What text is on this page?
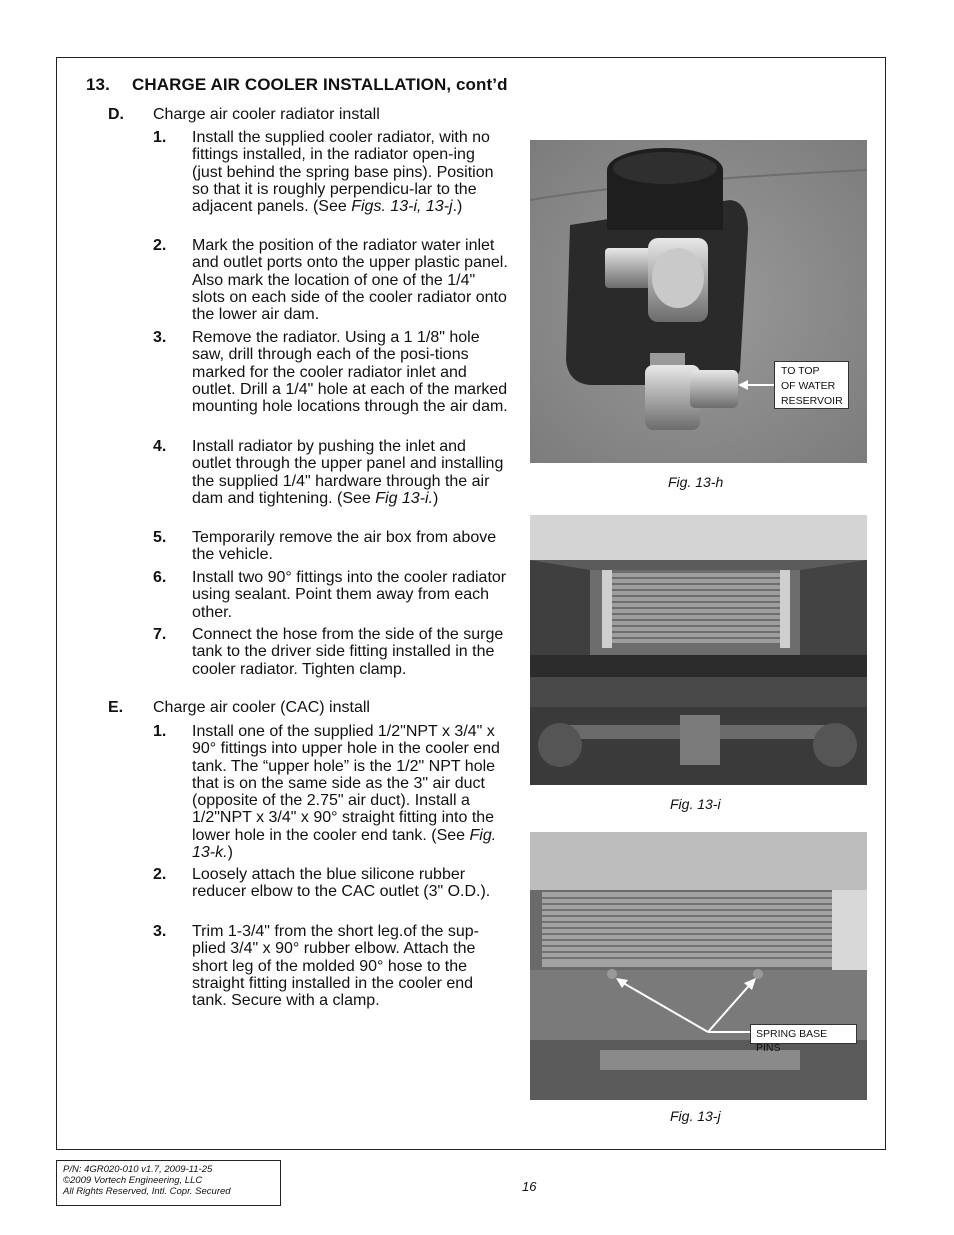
13. CHARGE AIR COOLER INSTALLATION, cont’d
D. Charge air cooler radiator install
1. Install the supplied cooler radiator, with no fittings installed, in the radiator open-ing (just behind the spring base pins). Position so that it is roughly perpendicu-lar to the adjacent panels. (See Figs. 13-i, 13-j.)
2. Mark the position of the radiator water inlet and outlet ports onto the upper plastic panel. Also mark the location of one of the 1/4" slots on each side of the cooler radiator onto the lower air dam.
3. Remove the radiator. Using a 1 1/8" hole saw, drill through each of the posi-tions marked for the cooler radiator inlet and outlet. Drill a 1/4" hole at each of the marked mounting hole locations through the air dam.
4. Install radiator by pushing the inlet and outlet through the upper panel and installing the supplied 1/4" hardware through the air dam and tightening. (See Fig 13-i.)
5. Temporarily remove the air box from above the vehicle.
6. Install two 90° fittings into the cooler radiator using sealant. Point them away from each other.
7. Connect the hose from the side of the surge tank to the driver side fitting installed in the cooler radiator. Tighten clamp.
E. Charge air cooler (CAC) install
1. Install one of the supplied 1/2"NPT x 3/4" x 90° fittings into upper hole in the cooler end tank. The “upper hole” is the 1/2" NPT hole that is on the same side as the 3" air duct (opposite of the 2.75" air duct). Install a 1/2"NPT x 3/4" x 90° straight fitting into the lower hole in the cooler end tank. (See Fig. 13-k.)
2. Loosely attach the blue silicone rubber reducer elbow to the CAC outlet (3" O.D.).
3. Trim 1-3/4" from the short leg.of the sup-plied 3/4" x 90° rubber elbow. Attach the short leg of the molded 90° hose to the straight fitting installed in the cooler end tank. Secure with a clamp.
TO TOP
OF WATER
RESERVOIR
Fig. 13-h
Fig. 13-i
SPRING BASE PINS
Fig. 13-j
P/N: 4GR020-010 v1.7, 2009-11-25
©2009 Vortech Engineering, LLC
All Rights Reserved, Intl. Copr. Secured	16
